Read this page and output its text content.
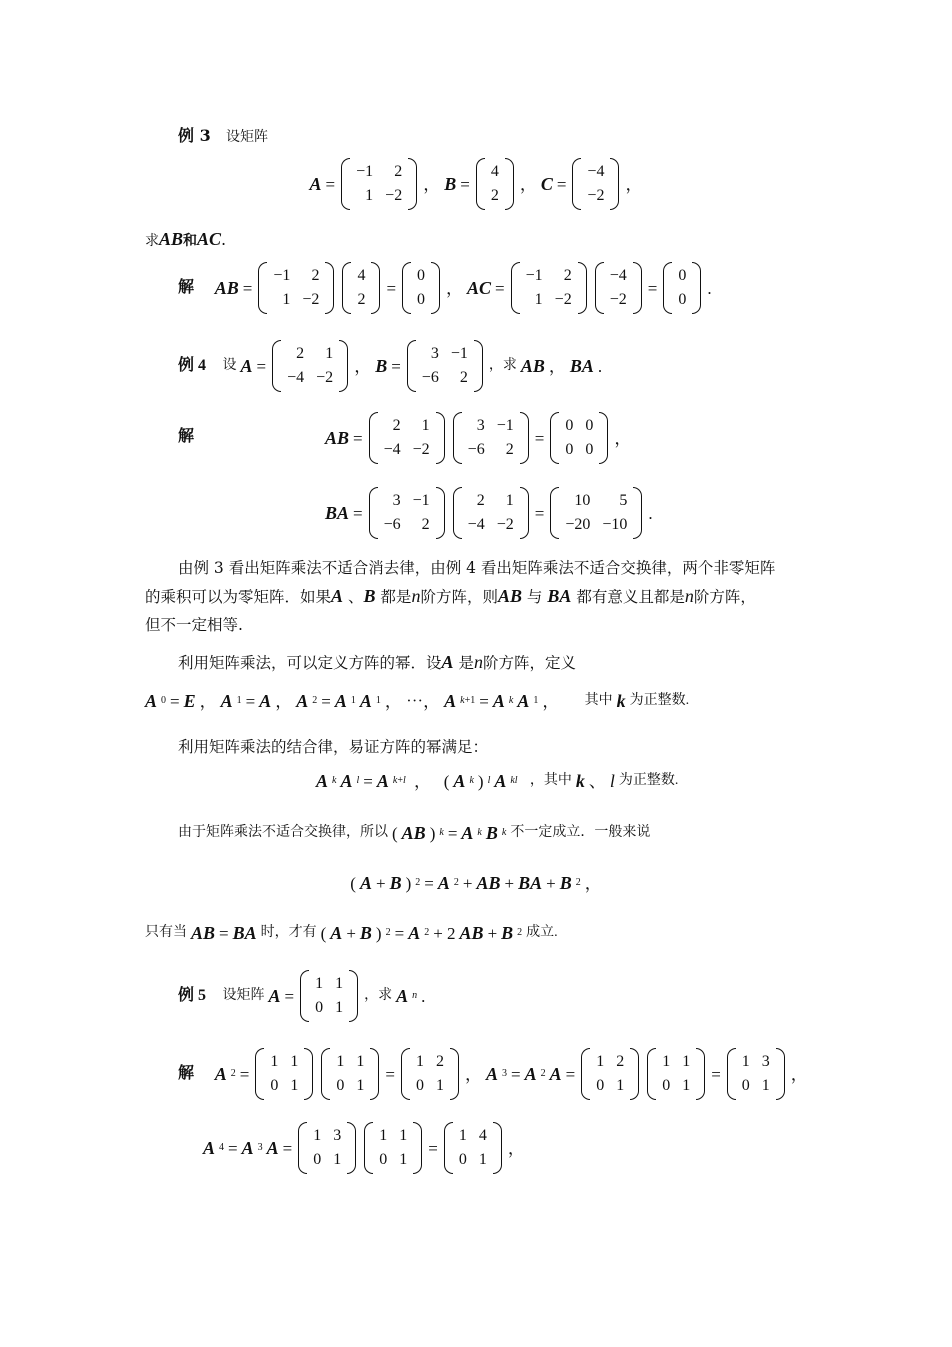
例 3 设矩阵
A =
−1	2
1	−2
， B =
4
2
， C =
−4
−2
，
求AB和AC.
解
AB =
−1	2
1	−2
4
2
=
0
0
， AC =
−1	2
1	−2
−4
−2
=
0
0
.
例 4
设 A =
2	1
−4	−2
， B =
3	−1
−6	2
，求 AB ， BA .
解	AB =
2	1
−4	−2
3	−1
−6	2
=
0	0
0	0
，
BA =
3	−1
−6	2
2	1
−4	−2
=
10	5
−20	−10
.
由例 3 看出矩阵乘法不适合消去律，由例 4 看出矩阵乘法不适合交换律，两个非零矩阵
的乘积可以为零矩阵．如果A 、B 都是n阶方阵，则AB 与 BA 都有意义且都是n阶方阵，
但不一定相等.
利用矩阵乘法，可以定义方阵的幂．设A 是n阶方阵，定义
A 0 = E ， A 1 = A ， A 2 = A 1 A 1 ， ⋯， A k+1 = A k A 1 ， 其中 k 为正整数.
利用矩阵乘法的结合律，易证方阵的幂满足：
A k A l = A k+l ，   ( A k ) l A kl
，其中 k 、 l 为正整数.
由于矩阵乘法不适合交换律，所以 ( AB ) k = A k B k 不一定成立．一般来说
( A + B ) 2 = A 2 + AB + BA + B 2 ，
只有当 AB = BA 时，才有 ( A + B ) 2 = A 2 + 2 AB + B 2 成立.
例 5
设矩阵 A =
1	1
0	1
，求 A n .
解
A 2 =
1	1
0	1
1	1
0	1
=
1	2
0	1
， A 3 = A 2 A =
1	2
0	1
1	1
0	1
=
1	3
0	1
，
A 4 = A 3 A =
1	3
0	1
1	1
0	1
=
1	4
0	1
，
